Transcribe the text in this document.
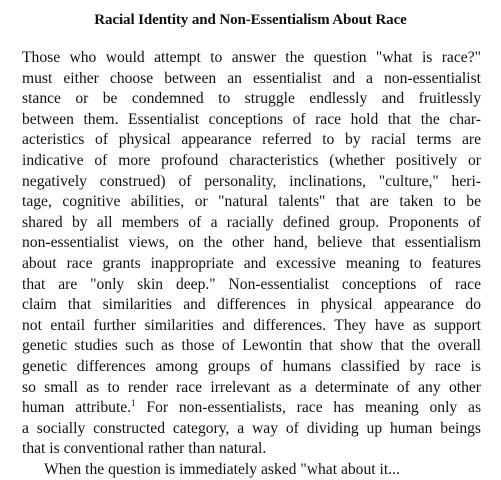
Racial Identity and Non-Essentialism About Race
Those who would attempt to answer the question "what is race?"
must either choose between an essentialist and a non-essentialist
stance or be condemned to struggle endlessly and fruitlessly
between them. Essentialist conceptions of race hold that the char-
acteristics of physical appearance referred to by racial terms are
indicative of more profound characteristics (whether positively or
negatively construed) of personality, inclinations, "culture," heri-
tage, cognitive abilities, or "natural talents" that are taken to be
shared by all members of a racially defined group. Proponents of
non-essentialist views, on the other hand, believe that essentialism
about race grants inappropriate and excessive meaning to features
that are "only skin deep." Non-essentialist conceptions of race
claim that similarities and differences in physical appearance do
not entail further similarities and differences. They have as support
genetic studies such as those of Lewontin that show that the overall
genetic differences among groups of humans classified by race is
so small as to render race irrelevant as a determinate of any other
human attribute.$^1$ For non-essentialists, race has meaning only as
a socially constructed category, a way of dividing up human beings
that is conventional rather than natural.
When the question is immediately asked "what about it...
